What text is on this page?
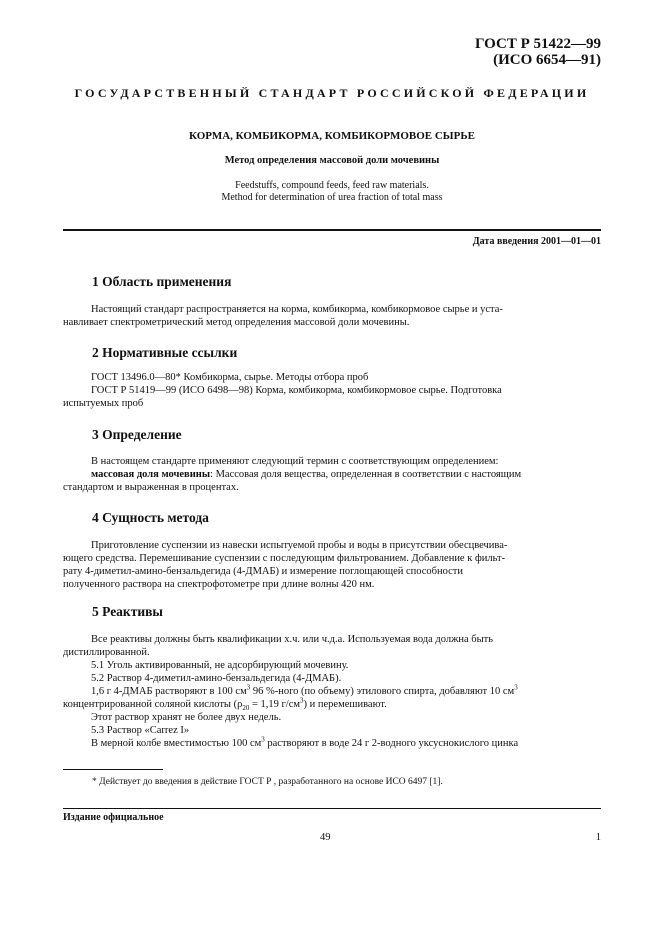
ГОСТ Р 51422—99
(ИСО 6654—91)
ГОСУДАРСТВЕННЫЙ СТАНДАРТ РОССИЙСКОЙ ФЕДЕРАЦИИ
КОРМА, КОМБИКОРМА, КОМБИКОРМОВОЕ СЫРЬЕ
Метод определения массовой доли мочевины
Feedstuffs, compound feeds, feed raw materials.
Method for determination of urea fraction of total mass
Дата введения 2001—01—01
1 Область применения
Настоящий стандарт распространяется на корма, комбикорма, комбикормовое сырье и уста-
навливает спектрометрический метод определения массовой доли мочевины.
2 Нормативные ссылки
ГОСТ 13496.0—80* Комбикорма, сырье. Методы отбора проб
ГОСТ Р 51419—99 (ИСО 6498—98) Корма, комбикорма, комбикормовое сырье. Подготовка
испытуемых проб
3 Определение
В настоящем стандарте применяют следующий термин с соответствующим определением:
массовая доля мочевины: Массовая доля вещества, определенная в соответствии с настоящим
стандартом и выраженная в процентах.
4 Сущность метода
Приготовление суспензии из навески испытуемой пробы и воды в присутствии обесцвечива-
ющего средства. Перемешивание суспензии с последующим фильтрованием. Добавление к фильт-
рату 4-диметил-амино-бензальдегида (4-ДМАБ) и измерение поглощающей способности
полученного раствора на спектрофотометре при длине волны 420 нм.
5 Реактивы
Все реактивы должны быть квалификации х.ч. или ч.д.а. Используемая вода должна быть
дистиллированной.
5.1 Уголь активированный, не адсорбирующий мочевину.
5.2 Раствор 4-диметил-амино-бензальдегида (4-ДМАБ).
1,6 г 4-ДМАБ растворяют в 100 $см^3$ 96 %-ного (по объему) этилового спирта, добавляют 10 $см^3$
концентрированной соляной кислоты ($\rho_{20} = 1,19$ $г/см^3$) и перемешивают.
Этот раствор хранят не более двух недель.
5.3 Раствор «Carrez I»
В мерной колбе вместимостью 100 $см^3$ растворяют в воде 24 г 2-водного уксуснокислого цинка
* Действует до введения в действие ГОСТ Р , разработанного на основе ИСО 6497 [1].
Издание официальное
49	1
